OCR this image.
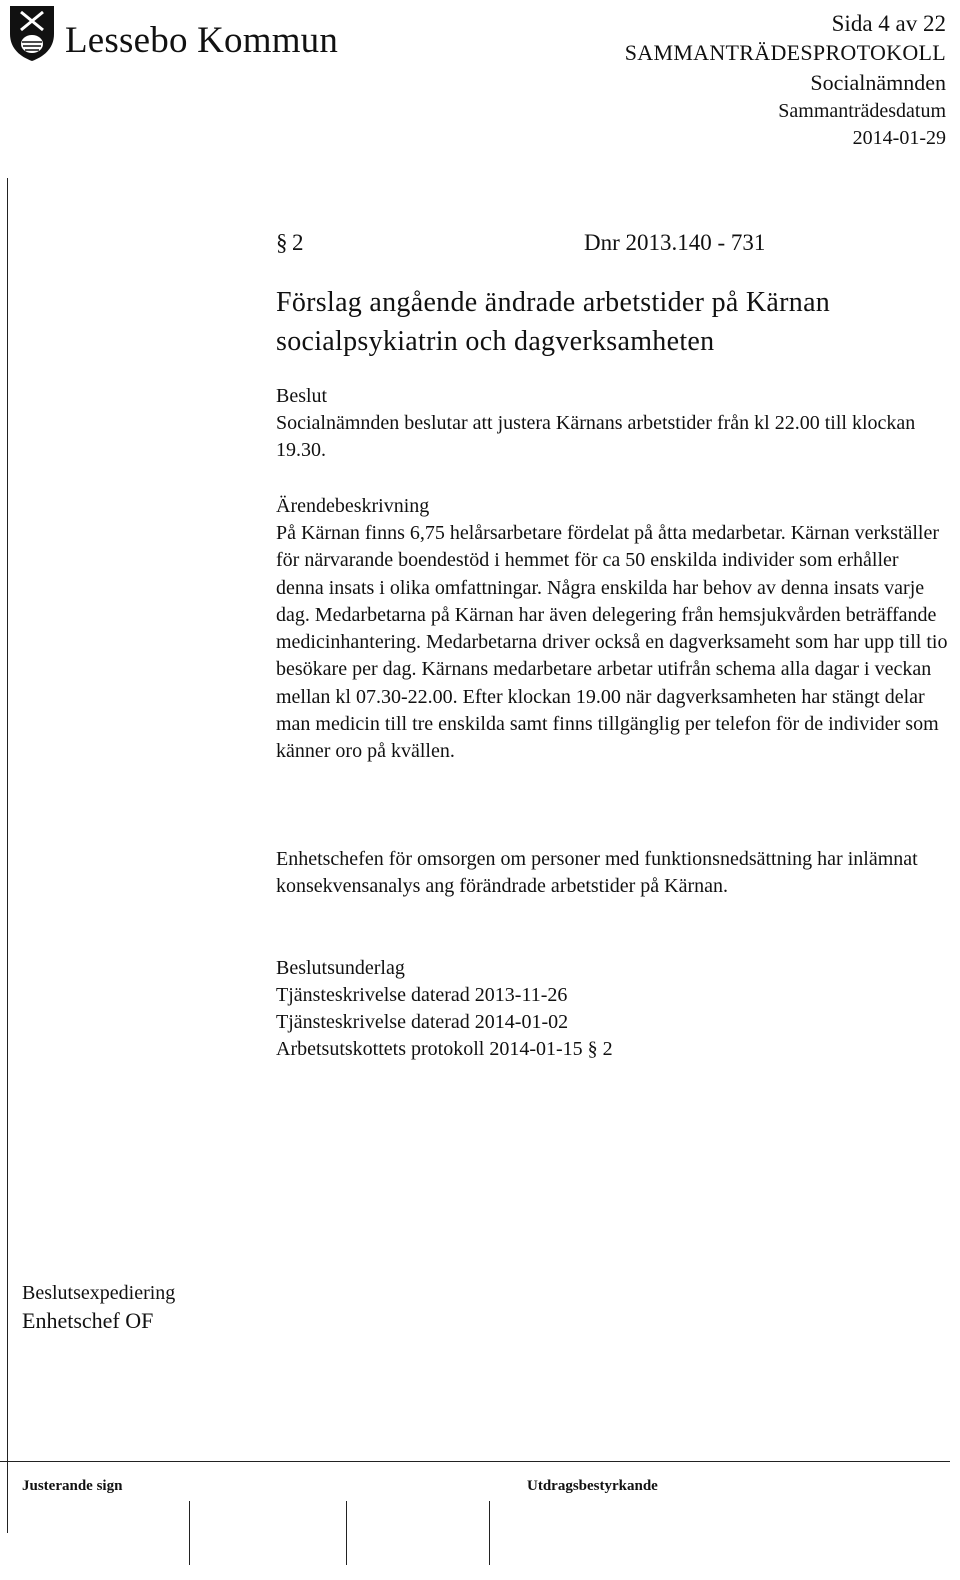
Lessebo Kommun	Sida 4 av 22
SAMMANTRÄDESPROTOKOLL
Socialnämnden
Sammanträdesdatum
2014-01-29
§ 2	Dnr 2013.140 - 731
Förslag angående ändrade arbetstider på Kärnan
socialpsykiatrin och dagverksamheten
Beslut
Socialnämnden beslutar att justera Kärnans arbetstider från kl 22.00 till klockan 19.30.
Ärendebeskrivning
På Kärnan finns 6,75 helårsarbetare fördelat på åtta medarbetar. Kärnan verkställer för närvarande boendestöd i hemmet för ca 50 enskilda individer som erhåller denna insats i olika omfattningar. Några enskilda har behov av denna insats varje dag. Medarbetarna på Kärnan har även delegering från hemsjukvården beträffande medicinhantering. Medarbetarna driver också en dagverksameht som har upp till tio besökare per dag. Kärnans medarbetare arbetar utifrån schema alla dagar i veckan mellan kl 07.30-22.00. Efter klockan 19.00 när dagverksamheten har stängt delar man medicin till tre enskilda samt finns tillgänglig per telefon för de individer som känner oro på kvällen.
Enhetschefen för omsorgen om personer med funktionsnedsättning har inlämnat konsekvensanalys ang förändrade arbetstider på Kärnan.
Beslutsunderlag
Tjänsteskrivelse daterad 2013-11-26
Tjänsteskrivelse daterad 2014-01-02
Arbetsutskottets protokoll 2014-01-15 § 2
Beslutsexpediering
Enhetschef OF
Justerande sign	Utdragsbestyrkande
